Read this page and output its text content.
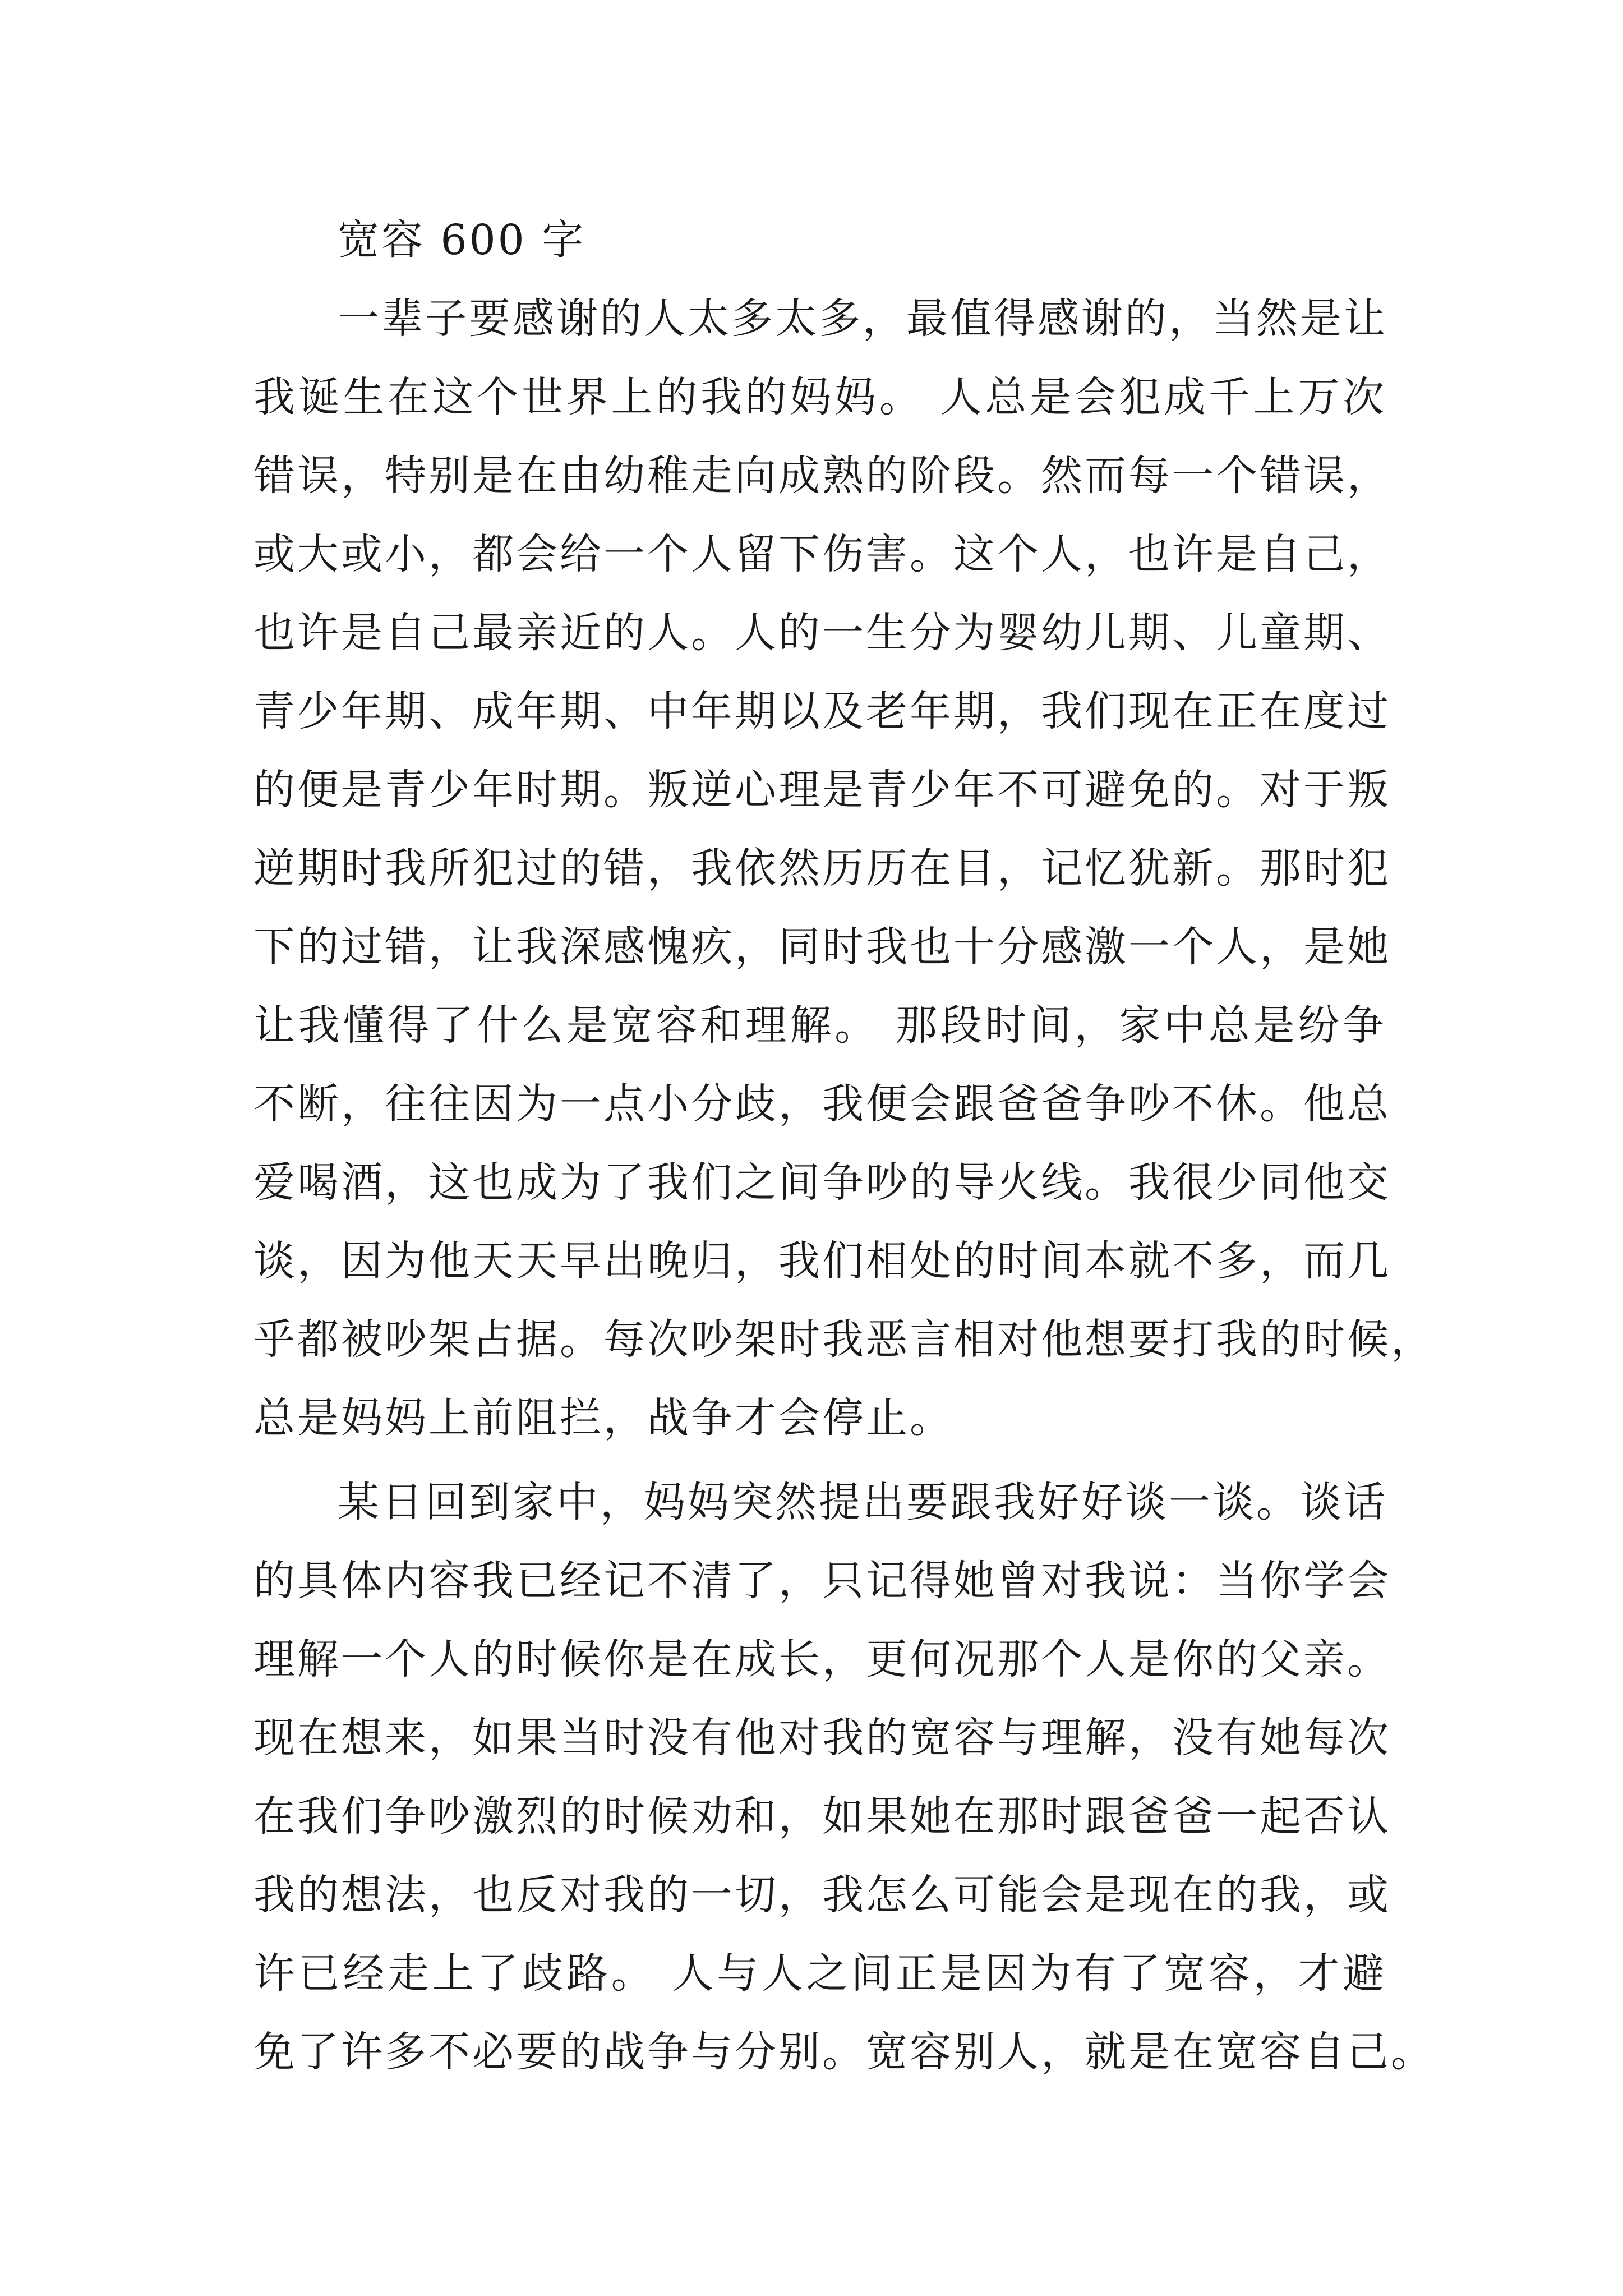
宽容 600 字
一辈子要感谢的人太多太多，最值得感谢的，当然是让
我诞生在这个世界上的我的妈妈。 人总是会犯成千上万次
错误，特别是在由幼稚走向成熟的阶段。然而每一个错误，
或大或小，都会给一个人留下伤害。这个人，也许是自己，
也许是自己最亲近的人。人的一生分为婴幼儿期、儿童期、
青少年期、成年期、中年期以及老年期，我们现在正在度过
的便是青少年时期。叛逆心理是青少年不可避免的。对于叛
逆期时我所犯过的错，我依然历历在目，记忆犹新。那时犯
下的过错，让我深感愧疚，同时我也十分感激一个人，是她
让我懂得了什么是宽容和理解。 那段时间，家中总是纷争
不断，往往因为一点小分歧，我便会跟爸爸争吵不休。他总
爱喝酒，这也成为了我们之间争吵的导火线。我很少同他交
谈，因为他天天早出晚归，我们相处的时间本就不多，而几
乎都被吵架占据。每次吵架时我恶言相对他想要打我的时候，
总是妈妈上前阻拦，战争才会停止。
某日回到家中，妈妈突然提出要跟我好好谈一谈。谈话
的具体内容我已经记不清了，只记得她曾对我说：当你学会
理解一个人的时候你是在成长，更何况那个人是你的父亲。
现在想来，如果当时没有他对我的宽容与理解，没有她每次
在我们争吵激烈的时候劝和，如果她在那时跟爸爸一起否认
我的想法，也反对我的一切，我怎么可能会是现在的我，或
许已经走上了歧路。 人与人之间正是因为有了宽容，才避
免了许多不必要的战争与分别。宽容别人，就是在宽容自己。
